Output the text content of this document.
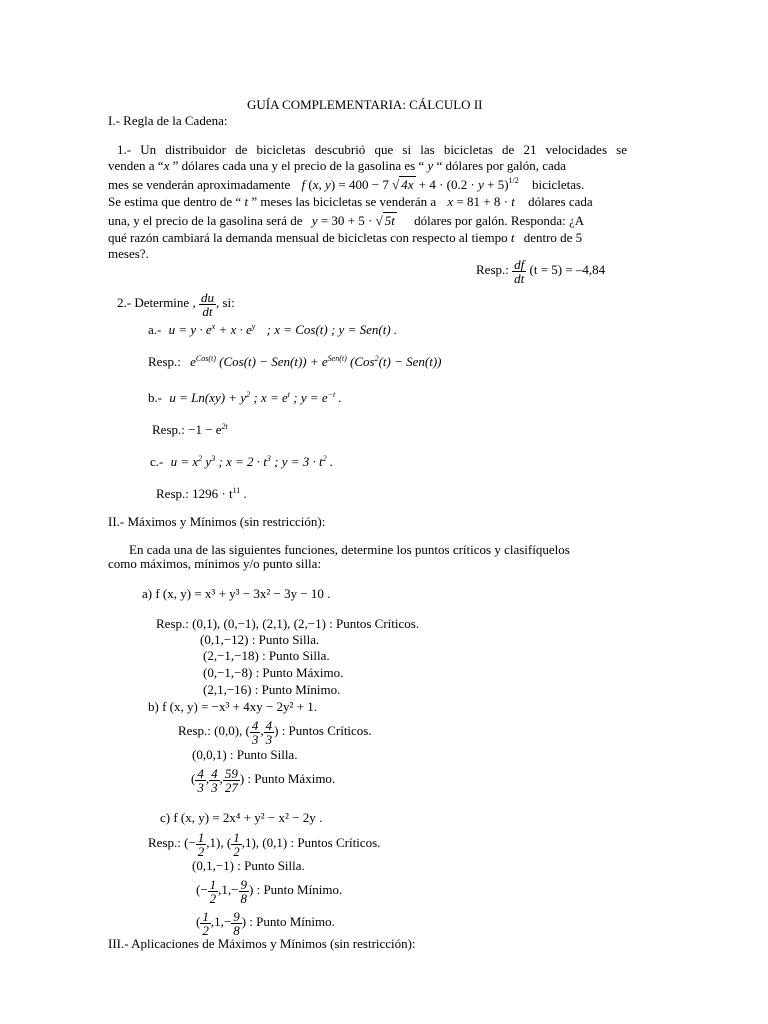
GUÍA COMPLEMENTARIA: CÁLCULO II
I.- Regla de la Cadena:
1.- Un distribuidor de bicicletas descubrió que si las bicicletas de 21 velocidades se
venden a “x ” dólares cada una y el precio de la gasolina es “ y “ dólares por galón, cada
mes se venderán aproximadamente f (x, y) = 400 − 7 √ $4x + 4 \cdot (0.2 \cdot y + 5)^{1/2}$ bicicletas.
Se estima que dentro de “ t ” meses las bicicletas se venderán a x = 81 + 8 · t dólares cada
una, y el precio de la gasolina será de y = 30 + 5 · √ 5t dólares por galón. Responda: ¿A
qué razón cambiará la demanda mensual de bicicletas con respecto al tiempo t dentro de 5
meses?.
Resp.: $\frac{df}{dt} (t = 5) = -4,84$
2.- Determine , $\frac{du}{dt}$ , si:
a.- $u = y \cdot e^x + x \cdot e^y$ ; x = Cos(t) ; y = Sen(t) .
Resp.: $e^{Cos(t)}$ $(Cos(t) - Sen(t)) + e^{Sen(t)}$ (Cos$^2$(t) − Sen(t))
b.- $u = Ln(xy) + y^2$ ; $x = e^t$ ; $y = e^{-t}$ .
Resp.: $-1 - e^{2t}$
c.- $u = x^2$ $y^3$ ; $x = 2 \cdot t^3$ ; $y = 3 \cdot t^2$ .
Resp.: $1296 \cdot t^{11}$ .
II.- Máximos y Mínimos (sin restricción):
En cada una de las siguientes funciones, determine los puntos críticos y clasifíquelos
como máximos, mínimos y/o punto silla:
a) f (x, y) = x³ + y³ − 3x² − 3y − 10 .
Resp.: (0,1), (0,−1), (2,1), (2,−1) : Puntos Críticos.
(0,1,−12) : Punto Silla.
(2,−1,−18) : Punto Silla.
(0,−1,−8) : Punto Máximo.
(2,1,−16) : Punto Mínimo.
b) f (x, y) = −x³ + 4xy − 2y² + 1.
Resp.: (0,0), ( $\frac{4}{3}$ , $\frac{4}{3}$ ) : Puntos Críticos.
(0,0,1) : Punto Silla.
( $\frac{4}{3}$ , $\frac{4}{3}$ , $\frac{59}{27}$ ) : Punto Máximo.
c) f (x, y) = 2x⁴ + y² − x² − 2y .
Resp.: (− $\frac{1}{2} ,1$), ( $\frac{1}{2} ,1$), (0,1) : Puntos Críticos.
(0,1,−1) : Punto Silla.
(− $\frac{1}{2} ,1,- \frac{9}{8}$ ) : Punto Mínimo.
( $\frac{1}{2} ,1,- \frac{9}{8}$ ) : Punto Mínimo.
III.- Aplicaciones de Máximos y Mínimos (sin restricción):
